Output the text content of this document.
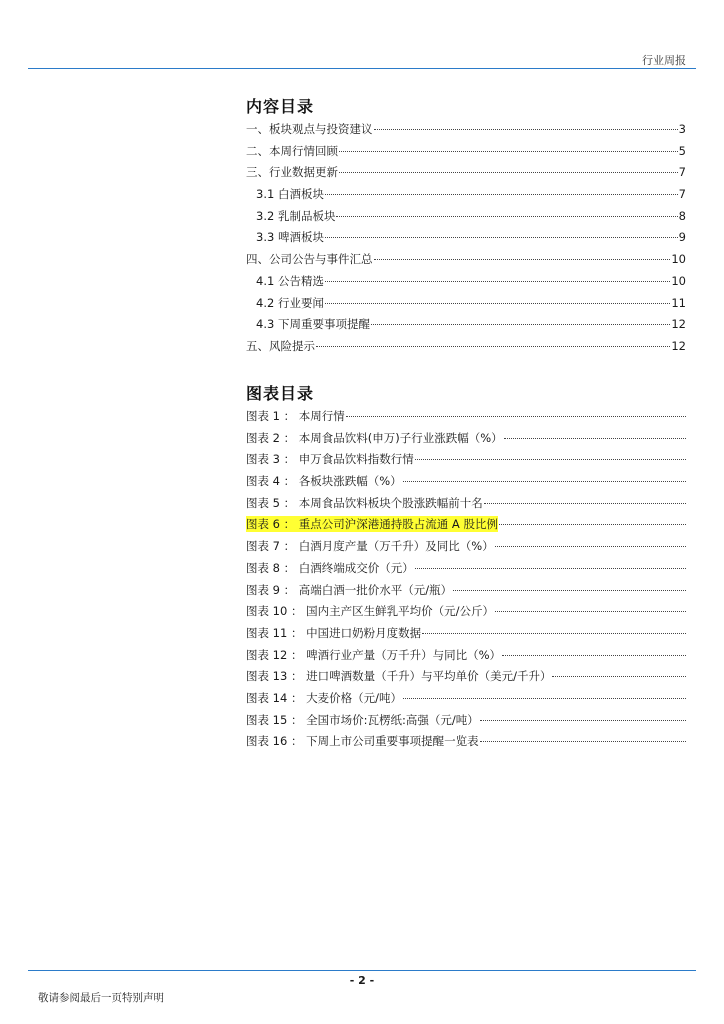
行业周报
内容目录
一、板块观点与投资建议	3
二、本周行情回顾	5
三、行业数据更新	7
3.1 白酒板块	7
3.2 乳制品板块	8
3.3 啤酒板块	9
四、公司公告与事件汇总	10
4.1 公告精选	10
4.2 行业要闻	11
4.3 下周重要事项提醒	12
五、风险提示	12
图表目录
图表 1 ： 本周行情
图表 2 ： 本周食品饮料(申万)子行业涨跌幅（%）
图表 3 ： 申万食品饮料指数行情
图表 4 ： 各板块涨跌幅（%）
图表 5 ： 本周食品饮料板块个股涨跌幅前十名
图表 6 ： 重点公司沪深港通持股占流通 A 股比例
图表 7 ： 白酒月度产量（万千升）及同比（%）
图表 8 ： 白酒终端成交价（元）
图表 9 ： 高端白酒一批价水平（元/瓶）
图表 10 ： 国内主产区生鲜乳平均价（元/公斤）
图表 11 ： 中国进口奶粉月度数据
图表 12 ： 啤酒行业产量（万千升）与同比（%）
图表 13 ： 进口啤酒数量（千升）与平均单价（美元/千升）
图表 14 ： 大麦价格（元/吨）
图表 15 ： 全国市场价:瓦楞纸:高强（元/吨）
图表 16 ： 下周上市公司重要事项提醒一览表
- 2 -
敬请参阅最后一页特别声明
